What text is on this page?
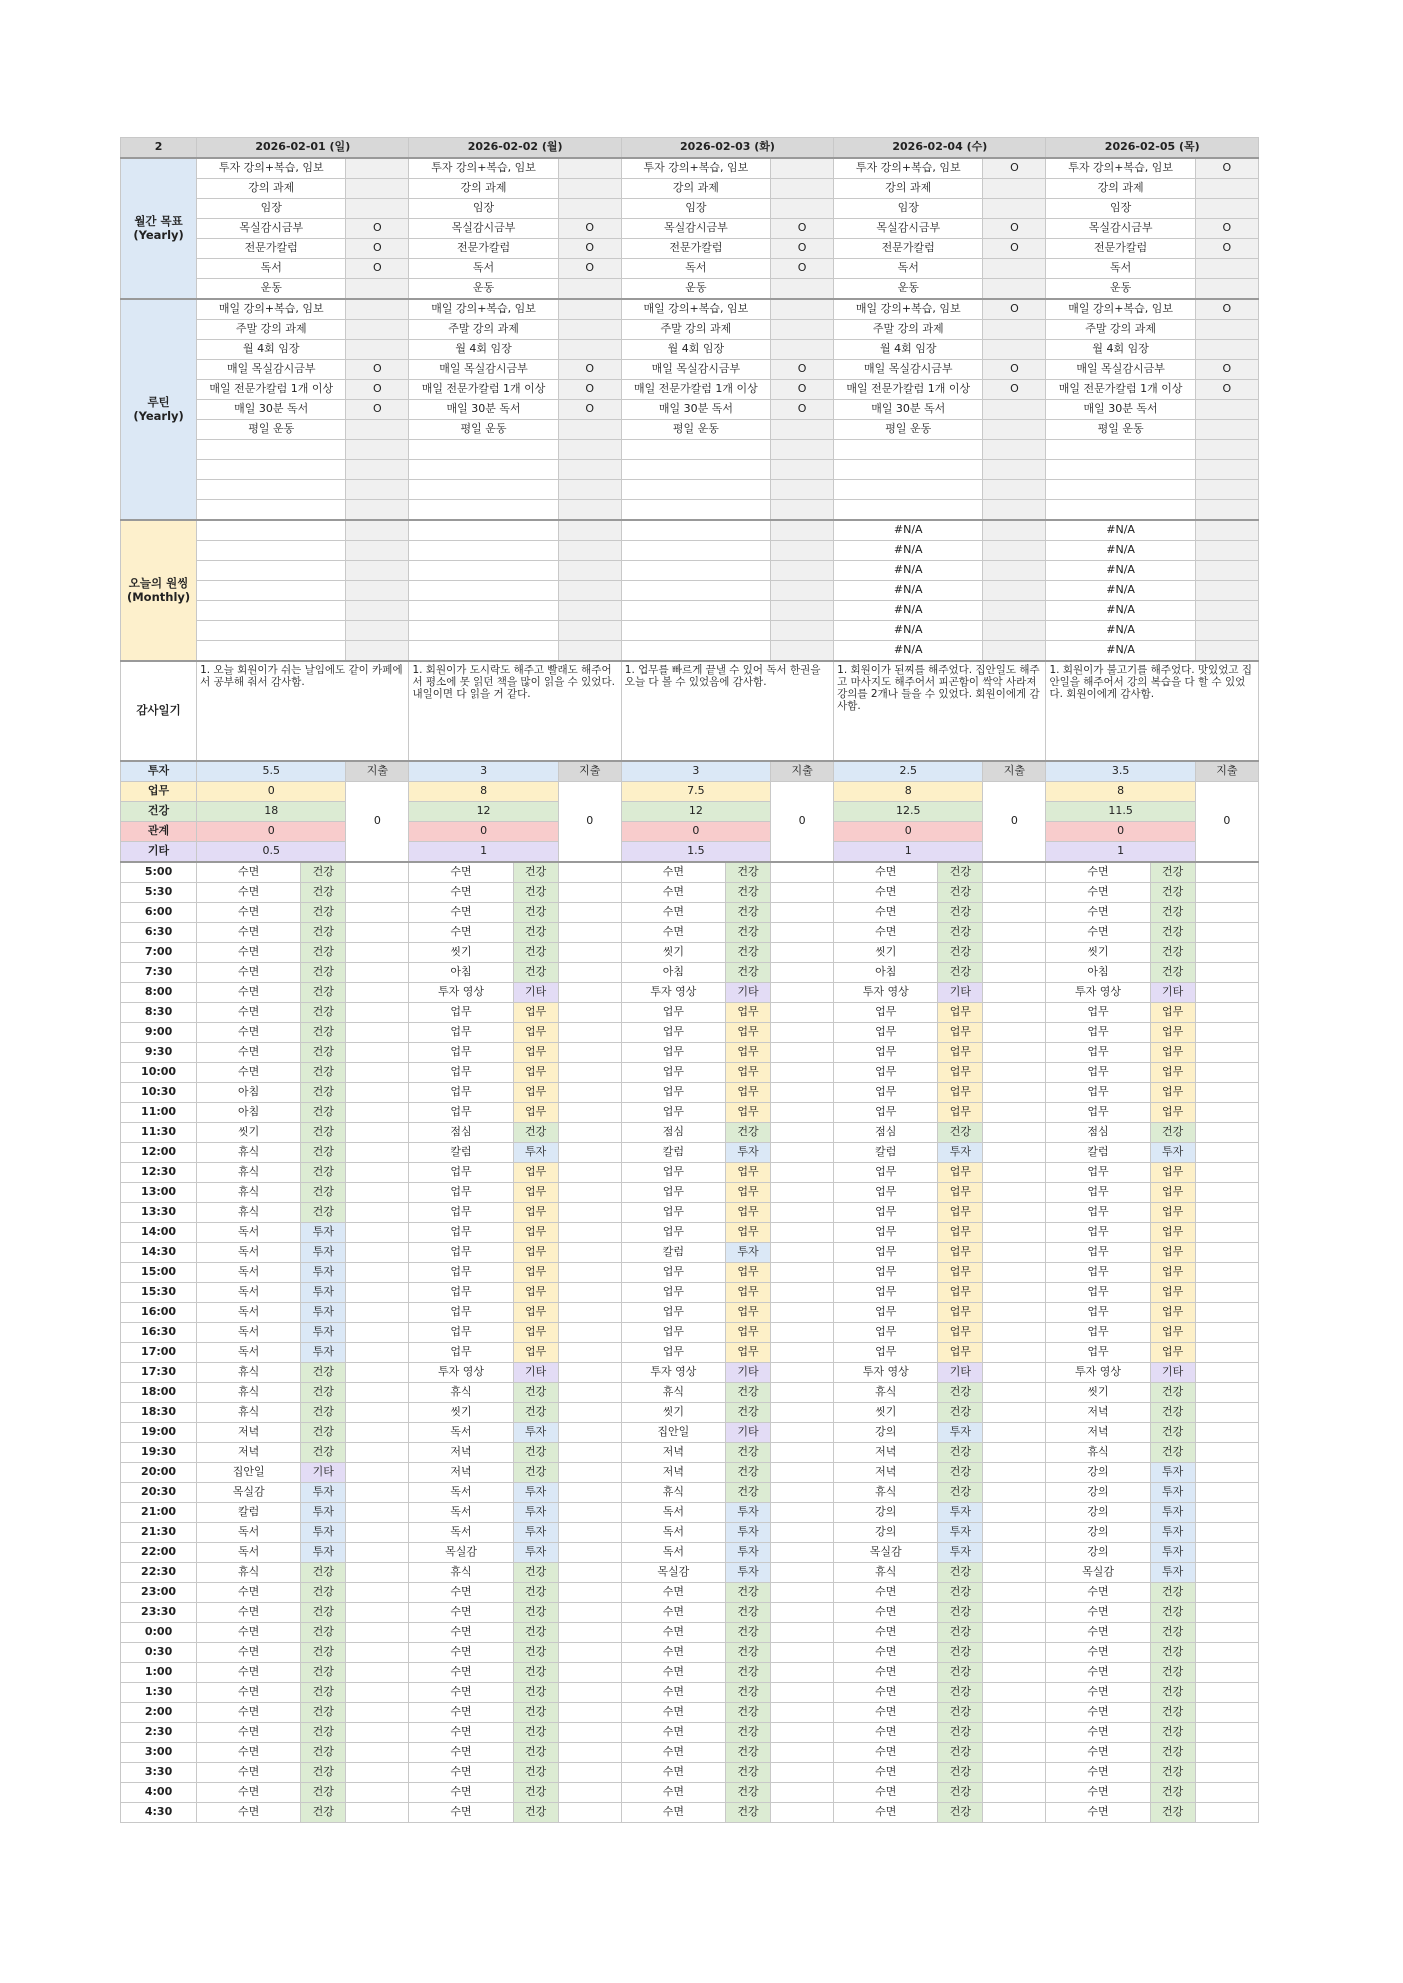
2	2026-02-01 (일)			2026-02-02 (월)			2026-02-03 (화)			2026-02-04 (수)			2026-02-05 (목)		
월간 목표 (Yearly)	투자 강의+복습, 임보			투자 강의+복습, 임보			투자 강의+복습, 임보			투자 강의+복습, 임보		O	투자 강의+복습, 임보		O
	강의 과제			강의 과제			강의 과제			강의 과제			강의 과제		
	임장			임장			임장			임장			임장		
	목실감시금부		O	목실감시금부		O	목실감시금부		O	목실감시금부		O	목실감시금부		O
	전문가칼럼		O	전문가칼럼		O	전문가칼럼		O	전문가칼럼		O	전문가칼럼		O
	독서		O	독서		O	독서		O	독서			독서		
	운동			운동			운동			운동			운동		
루틴 (Yearly)	매일 강의+복습, 임보			매일 강의+복습, 임보			매일 강의+복습, 임보			매일 강의+복습, 임보		O	매일 강의+복습, 임보		O
	주말 강의 과제			주말 강의 과제			주말 강의 과제			주말 강의 과제			주말 강의 과제		
	월 4회 임장			월 4회 임장			월 4회 임장			월 4회 임장			월 4회 임장		
	매일 목실감시금부		O	매일 목실감시금부		O	매일 목실감시금부		O	매일 목실감시금부		O	매일 목실감시금부		O
	매일 전문가칼럼 1개 이상		O	매일 전문가칼럼 1개 이상		O	매일 전문가칼럼 1개 이상		O	매일 전문가칼럼 1개 이상		O	매일 전문가칼럼 1개 이상		O
	매일 30분 독서		O	매일 30분 독서		O	매일 30분 독서		O	매일 30분 독서			매일 30분 독서		
	평일 운동			평일 운동			평일 운동			평일 운동			평일 운동		

오늘의 원씽 (Monthly)										#N/A			#N/A		
										#N/A			#N/A		
										#N/A			#N/A		
										#N/A			#N/A		
										#N/A			#N/A		
										#N/A			#N/A		
										#N/A			#N/A		
감사일기	1. 오늘 회원이가 쉬는 날임에도 같이 카페에서 공부해 줘서 감사함.			1. 회원이가 도시락도 해주고 빨래도 해주어서 평소에 못 읽던 책을 많이 읽을 수 있었다. 내일이면 다 읽을 거 같다.			1. 업무를 빠르게 끝낼 수 있어 독서 한권을 오늘 다 볼 수 있었음에 감사함.			1. 회원이가 된찌를 해주었다. 집안일도 해주고 마사지도 해주어서 피곤함이 싹악 사라져 강의를 2개나 들을 수 있었다. 회원이에게 감사함.			1. 회원이가 불고기를 해주었다. 맛있었고 집안일을 해주어서 강의 복습을 다 할 수 있었다. 회원이에게 감사함.		
투자	5.5		지출	3		지출	3		지출	2.5		지출	3.5		지출
업무	0		0	8		0	7.5		0	8		0	8		0
건강	18			12			12			12.5			11.5		
관계	0			0			0			0			0		
기타	0.5			1			1.5			1			1		
5:00	수면	건강		수면	건강		수면	건강		수면	건강		수면	건강	
5:30	수면	건강		수면	건강		수면	건강		수면	건강		수면	건강	
6:00	수면	건강		수면	건강		수면	건강		수면	건강		수면	건강	
6:30	수면	건강		수면	건강		수면	건강		수면	건강		수면	건강	
7:00	수면	건강		씻기	건강		씻기	건강		씻기	건강		씻기	건강	
7:30	수면	건강		아침	건강		아침	건강		아침	건강		아침	건강	
8:00	수면	건강		투자 영상	기타		투자 영상	기타		투자 영상	기타		투자 영상	기타	
8:30	수면	건강		업무	업무		업무	업무		업무	업무		업무	업무	
9:00	수면	건강		업무	업무		업무	업무		업무	업무		업무	업무	
9:30	수면	건강		업무	업무		업무	업무		업무	업무		업무	업무	
10:00	수면	건강		업무	업무		업무	업무		업무	업무		업무	업무	
10:30	아침	건강		업무	업무		업무	업무		업무	업무		업무	업무	
11:00	아침	건강		업무	업무		업무	업무		업무	업무		업무	업무	
11:30	씻기	건강		점심	건강		점심	건강		점심	건강		점심	건강	
12:00	휴식	건강		칼럼	투자		칼럼	투자		칼럼	투자		칼럼	투자	
12:30	휴식	건강		업무	업무		업무	업무		업무	업무		업무	업무	
13:00	휴식	건강		업무	업무		업무	업무		업무	업무		업무	업무	
13:30	휴식	건강		업무	업무		업무	업무		업무	업무		업무	업무	
14:00	독서	투자		업무	업무		업무	업무		업무	업무		업무	업무	
14:30	독서	투자		업무	업무		칼럼	투자		업무	업무		업무	업무	
15:00	독서	투자		업무	업무		업무	업무		업무	업무		업무	업무	
15:30	독서	투자		업무	업무		업무	업무		업무	업무		업무	업무	
16:00	독서	투자		업무	업무		업무	업무		업무	업무		업무	업무	
16:30	독서	투자		업무	업무		업무	업무		업무	업무		업무	업무	
17:00	독서	투자		업무	업무		업무	업무		업무	업무		업무	업무	
17:30	휴식	건강		투자 영상	기타		투자 영상	기타		투자 영상	기타		투자 영상	기타	
18:00	휴식	건강		휴식	건강		휴식	건강		휴식	건강		씻기	건강	
18:30	휴식	건강		씻기	건강		씻기	건강		씻기	건강		저녁	건강	
19:00	저녁	건강		독서	투자		집안일	기타		강의	투자		저녁	건강	
19:30	저녁	건강		저녁	건강		저녁	건강		저녁	건강		휴식	건강	
20:00	집안일	기타		저녁	건강		저녁	건강		저녁	건강		강의	투자	
20:30	목실감	투자		독서	투자		휴식	건강		휴식	건강		강의	투자	
21:00	칼럼	투자		독서	투자		독서	투자		강의	투자		강의	투자	
21:30	독서	투자		독서	투자		독서	투자		강의	투자		강의	투자	
22:00	독서	투자		목실감	투자		독서	투자		목실감	투자		강의	투자	
22:30	휴식	건강		휴식	건강		목실감	투자		휴식	건강		목실감	투자	
23:00	수면	건강		수면	건강		수면	건강		수면	건강		수면	건강	
23:30	수면	건강		수면	건강		수면	건강		수면	건강		수면	건강	
0:00	수면	건강		수면	건강		수면	건강		수면	건강		수면	건강	
0:30	수면	건강		수면	건강		수면	건강		수면	건강		수면	건강	
1:00	수면	건강		수면	건강		수면	건강		수면	건강		수면	건강	
1:30	수면	건강		수면	건강		수면	건강		수면	건강		수면	건강	
2:00	수면	건강		수면	건강		수면	건강		수면	건강		수면	건강	
2:30	수면	건강		수면	건강		수면	건강		수면	건강		수면	건강	
3:00	수면	건강		수면	건강		수면	건강		수면	건강		수면	건강	
3:30	수면	건강		수면	건강		수면	건강		수면	건강		수면	건강	
4:00	수면	건강		수면	건강		수면	건강		수면	건강		수면	건강	
4:30	수면	건강		수면	건강		수면	건강		수면	건강		수면	건강	
